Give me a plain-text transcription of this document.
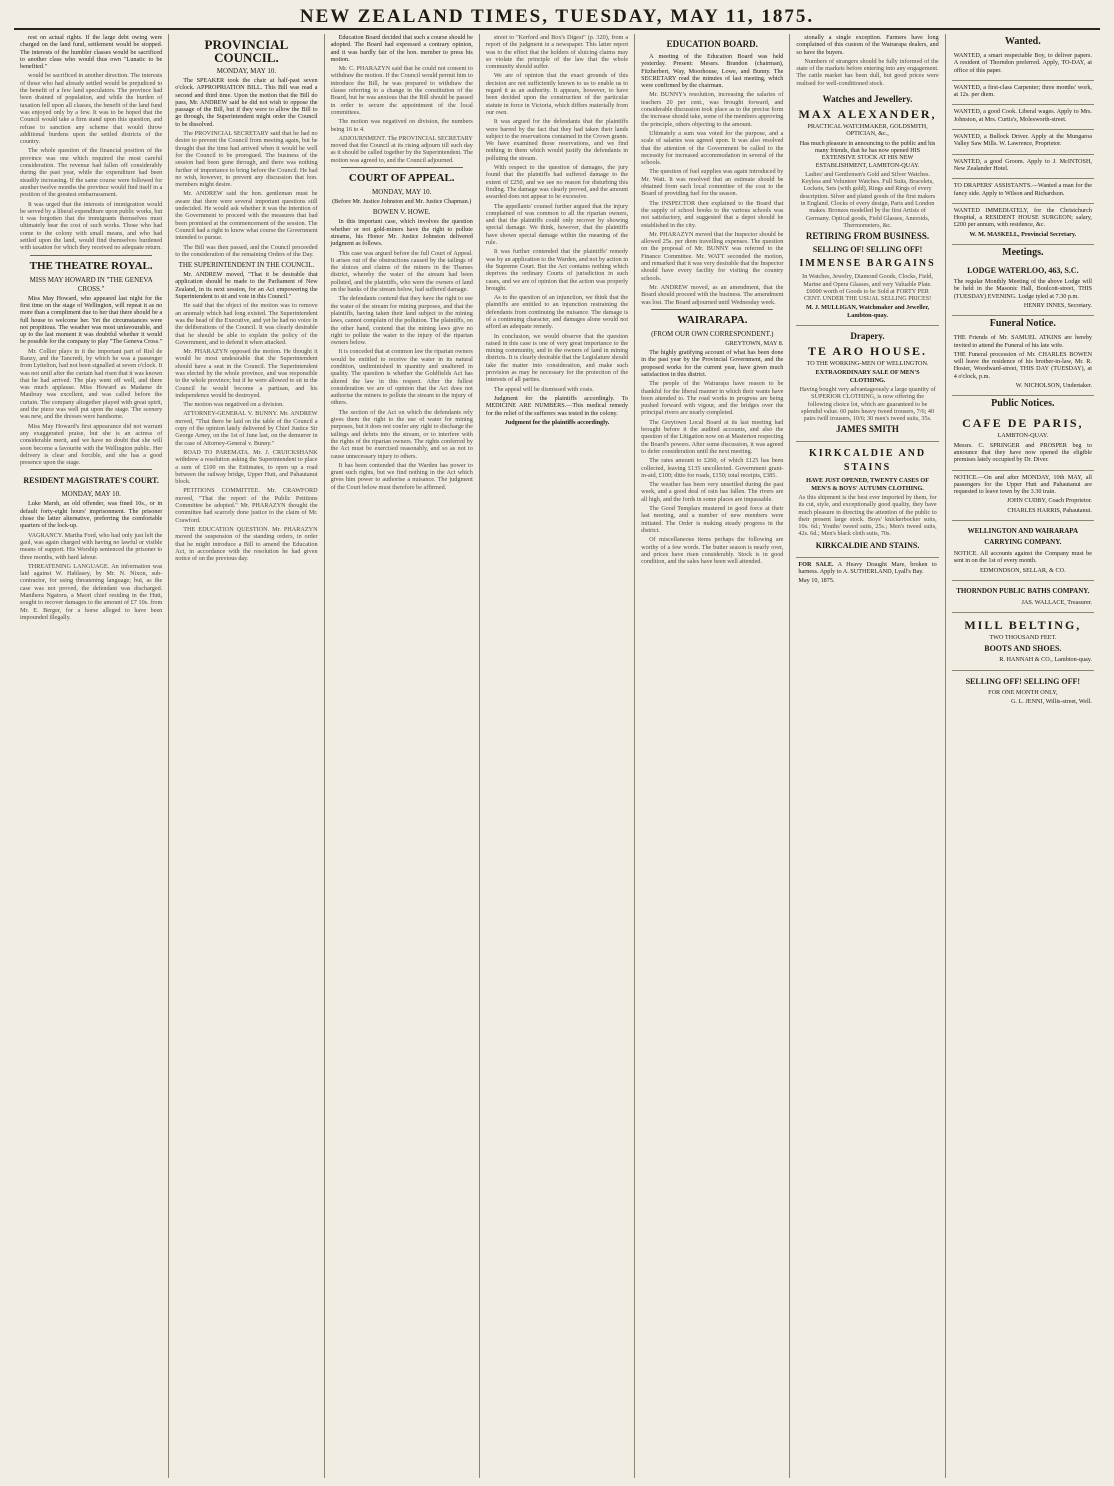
NEW ZEALAND TIMES, TUESDAY, MAY 11, 1875.

rest on actual rights. If the large debt owing were charged on the land fund, settlement would be stopped. The interests of the humbler classes would be sacrificed to another class who would thus own "Lunatic to be benefited."

would be sacrificed in another direction. The interests of those who had already settled would be prejudiced to the benefit of a few land speculators. The province had been drained of population, and while the burden of taxation fell upon all classes, the benefit of the land fund was enjoyed only by a few. It was to be hoped that the Council would take a firm stand upon this question, and refuse to sanction any scheme that would throw additional burdens upon the settled districts of the country.

The whole question of the financial position of the province was one which required the most careful consideration. The revenue had fallen off considerably during the past year, while the expenditure had been steadily increasing. If the same course were followed for another twelve months the province would find itself in a position of the greatest embarrassment.

It was urged that the interests of immigration would be served by a liberal expenditure upon public works, but it was forgotten that the immigrants themselves must ultimately bear the cost of such works. Those who had come to the colony with small means, and who had settled upon the land, would find themselves burdened with taxation for which they received no adequate return.

THE THEATRE ROYAL.
MISS MAY HOWARD IN "THE GENEVA CROSS."

Miss May Howard, who appeared last night for the first time on the stage of Wellington, will repeat it as no more than a compliment due to her that there should be a full house to welcome her. Yet the circumstances were not propitious. The weather was most unfavourable, and up to the last moment it was doubtful whether it would be possible for the company to play "The Geneva Cross."

Mr. Collier plays in it the important part of Riel de Ranzy, and the Tancredi, by which he was a passenger from Lyttelton, had not been signalled at seven o'clock. It was not until after the curtain had risen that it was known that he had arrived. The play went off well, and there was much applause. Miss Howard as Madame de Maubray was excellent, and was called before the curtain. The company altogether played with great spirit, and the piece was well put upon the stage. The scenery was new, and the dresses were handsome.

Miss May Howard's first appearance did not warrant any exaggerated praise, but she is an actress of considerable merit, and we have no doubt that she will soon become a favourite with the Wellington public. Her delivery is clear and forcible, and she has a good presence upon the stage.

RESIDENT MAGISTRATE'S COURT.
MONDAY, MAY 10.

Luke Marsh, an old offender, was fined 10s., or in default forty-eight hours' imprisonment. The prisoner chose the latter alternative, preferring the comfortable quarters of the lock-up.

VAGRANCY. Martha Ford, who had only just left the gaol, was again charged with having no lawful or visible means of support. His Worship sentenced the prisoner to three months, with hard labour.

THREATENING LANGUAGE. An information was laid against W. Hablasey, by Mr. N. Nixon, sub-contractor, for using threatening language; but, as the case was not proved, the defendant was discharged. Manihera Ngatoru, a Maori chief residing in the Hutt, sought to recover damages to the amount of £7 10s. from Mr. E. Berger, for a horse alleged to have been impounded illegally.

PROVINCIAL COUNCIL.
MONDAY, MAY 10.

The SPEAKER took the chair at half-past seven o'clock. APPROPRIATION BILL. This Bill was read a second and third time. Upon the motion that the Bill do pass, Mr. ANDREW said he did not wish to oppose the passage of the Bill, but if they were to allow the Bill to go through, the Superintendent might order the Council to be dissolved.

The PROVINCIAL SECRETARY said that he had no desire to prevent the Council from meeting again, but he thought that the time had arrived when it would be well for the Council to be prorogued. The business of the session had been gone through, and there was nothing further of importance to bring before the Council. He had no wish, however, to prevent any discussion that hon. members might desire.

Mr. ANDREW said the hon. gentleman must be aware that there were several important questions still undecided. He would ask whether it was the intention of the Government to proceed with the measures that had been promised at the commencement of the session. The Council had a right to know what course the Government intended to pursue.

The Bill was then passed, and the Council proceeded to the consideration of the remaining Orders of the Day.

THE SUPERINTENDENT IN THE COUNCIL.

Mr. ANDREW moved, "That it be desirable that application should be made to the Parliament of New Zealand, in its next session, for an Act empowering the Superintendent to sit and vote in this Council."

He said that the object of the motion was to remove an anomaly which had long existed. The Superintendent was the head of the Executive, and yet he had no voice in the deliberations of the Council. It was clearly desirable that he should be able to explain the policy of the Government, and to defend it when attacked.

Mr. PHARAZYN opposed the motion. He thought it would be most undesirable that the Superintendent should have a seat in the Council. The Superintendent was elected by the whole province, and was responsible to the whole province; but if he were allowed to sit in the Council he would become a partisan, and his independence would be destroyed.

The motion was negatived on a division.

ATTORNEY-GENERAL V. BUNNY. Mr. ANDREW moved, "That there be laid on the table of the Council a copy of the opinion lately delivered by Chief Justice Sir George Arney, on the 1st of June last, on the demurrer in the case of Attorney-General v. Bunny."

ROAD TO PAREMATA. Mr. J. CRUICKSHANK withdrew a resolution asking the Superintendent to place a sum of £100 on the Estimates, to open up a road between the railway bridge, Upper Hutt, and Pahautanui block.

PETITIONS COMMITTEE. Mr. CRAWFORD moved, "That the report of the Public Petitions Committee be adopted." Mr. PHARAZYN thought the committee had scarcely done justice to the claim of Mr. Crawford.

THE EDUCATION QUESTION. Mr. PHARAZYN moved the suspension of the standing orders, in order that he might introduce a Bill to amend the Education Act, in accordance with the resolution he had given notice of on the previous day.

Education Board decided that such a course should be adopted. The Board had expressed a contrary opinion, and it was hardly fair of the hon. member to press his motion.

Mr. C. PHARAZYN said that he could not consent to withdraw the motion. If the Council would permit him to introduce the Bill, he was prepared to withdraw the clause referring to a change in the constitution of the Board, but he was anxious that the Bill should be passed in order to secure the appointment of the local committees.

The motion was negatived on division, the numbers being 16 to 4.

ADJOURNMENT. The PROVINCIAL SECRETARY moved that the Council at its rising adjourn till such day as it should be called together by the Superintendent. The motion was agreed to, and the Council adjourned.

COURT OF APPEAL.
MONDAY, MAY 10.

(Before Mr. Justice Johnston and Mr. Justice Chapman.)

BOWEN V. HOWE.

In this important case, which involves the question whether or not gold-miners have the right to pollute streams, his Honor Mr. Justice Johnston delivered judgment as follows.

This case was argued before the full Court of Appeal. It arises out of the obstructions caused by the tailings of the sluices and claims of the miners in the Thames district, whereby the water of the stream had been polluted, and the plaintiffs, who were the owners of land on the banks of the stream below, had suffered damage.

The defendants contend that they have the right to use the water of the stream for mining purposes, and that the plaintiffs, having taken their land subject to the mining laws, cannot complain of the pollution. The plaintiffs, on the other hand, contend that the mining laws give no right to pollute the water to the injury of the riparian owners below.

It is conceded that at common law the riparian owners would be entitled to receive the water in its natural condition, undiminished in quantity and unaltered in quality. The question is whether the Goldfields Act has altered the law in this respect. After the fullest consideration we are of opinion that the Act does not authorise the miners to pollute the stream to the injury of others.

The section of the Act on which the defendants rely gives them the right to the use of water for mining purposes, but it does not confer any right to discharge the tailings and debris into the stream, or to interfere with the rights of the riparian owners. The rights conferred by the Act must be exercised reasonably, and so as not to cause unnecessary injury to others.

It has been contended that the Warden has power to grant such rights, but we find nothing in the Act which gives him power to authorise a nuisance. The judgment of the Court below must therefore be affirmed.

street to "Kerford and Box's Digest" (p. 320), from a report of the judgment in a newspaper. This latter report was to the effect that the holders of sluicing claims may so violate the principle of the law that the whole community should suffer.

We are of opinion that the exact grounds of this decision are not sufficiently known to us to enable us to regard it as an authority. It appears, however, to have been decided upon the construction of the particular statute in force in Victoria, which differs materially from our own.

It was argued for the defendants that the plaintiffs were barred by the fact that they had taken their lands subject to the reservations contained in the Crown grants. We have examined those reservations, and we find nothing in them which would justify the defendants in polluting the stream.

With respect to the question of damages, the jury found that the plaintiffs had suffered damage to the extent of £250, and we see no reason for disturbing this finding. The damage was clearly proved, and the amount awarded does not appear to be excessive.

The appellants' counsel further argued that the injury complained of was common to all the riparian owners, and that the plaintiffs could only recover by showing special damage. We think, however, that the plaintiffs have shown special damage within the meaning of the rule.

It was further contended that the plaintiffs' remedy was by an application to the Warden, and not by action in the Supreme Court. But the Act contains nothing which deprives the ordinary Courts of jurisdiction in such cases, and we are of opinion that the action was properly brought.

As to the question of an injunction, we think that the plaintiffs are entitled to an injunction restraining the defendants from continuing the nuisance. The damage is of a continuing character, and damages alone would not afford an adequate remedy.

In conclusion, we would observe that the question raised in this case is one of very great importance to the mining community, and to the owners of land in mining districts. It is clearly desirable that the Legislature should take the matter into consideration, and make such provision as may be necessary for the protection of the interests of all parties.

The appeal will be dismissed with costs.

Judgment for the plaintiffs accordingly. To MEDICINE ARE NUMBERS.—This medical remedy for the relief of the sufferers was tested in the colony.

Judgment for the plaintiffs accordingly.

EDUCATION BOARD.

A meeting of the Education Board was held yesterday. Present: Messrs. Brandon (chairman), Fitzherbert, Way, Moorhouse, Lowe, and Bunny. The SECRETARY read the minutes of last meeting, which were confirmed by the chairman.

Mr. BUNNY's resolution, increasing the salaries of teachers 20 per cent., was brought forward, and considerable discussion took place as to the precise form the increase should take, some of the members approving the principle, others objecting to the amount.

Ultimately a sum was voted for the purpose, and a scale of salaries was agreed upon. It was also resolved that the attention of the Government be called to the necessity for increased accommodation in several of the schools.

The question of fuel supplies was again introduced by Mr. Watt. It was resolved that an estimate should be obtained from each local committee of the cost to the Board of providing fuel for the season.

The INSPECTOR then explained to the Board that the supply of school books to the various schools was not satisfactory, and suggested that a depot should be established in the city.

Mr. PHARAZYN moved that the Inspector should be allowed 25s. per diem travelling expenses. The question on the proposal of Mr. BUNNY was referred to the Finance Committee. Mr. WATT seconded the motion, and remarked that it was very desirable that the Inspector should have every facility for visiting the country schools.

Mr. ANDREW moved, as an amendment, that the Board should proceed with the business. The amendment was lost. The Board adjourned until Wednesday week.

WAIRARAPA.
(FROM OUR OWN CORRESPONDENT.)

GREYTOWN, MAY 8.

The highly gratifying account of what has been done in the past year by the Provincial Government, and the proposed works for the current year, have given much satisfaction in this district.

The people of the Wairarapa have reason to be thankful for the liberal manner in which their wants have been attended to. The road works in progress are being pushed forward with vigour, and the bridges over the principal rivers are nearly completed.

The Greytown Local Board at its last meeting had brought before it the audited accounts, and also the question of the Litigation now on at Masterton respecting the Board's powers. After some discussion, it was agreed to defer consideration until the next meeting.

The rates amount to £260, of which £125 has been collected, leaving £135 uncollected. Government grant-in-aid, £100; ditto for roads, £150; total receipts, £385.

The weather has been very unsettled during the past week, and a good deal of rain has fallen. The rivers are all high, and the fords in some places are impassable.

The Good Templars mustered in good force at their last meeting, and a number of new members were initiated. The Order is making steady progress in the district.

Of miscellaneous items perhaps the following are worthy of a few words. The butter season is nearly over, and prices have risen considerably. Stock is in good condition, and the sales have been well attended.

sionally a single exception. Farmers have long complained of this custom of the Wairarapa dealers, and so have the buyers.

Numbers of strangers should be fully informed of the state of the markets before entering into any engagement. The cattle market has been dull, but good prices were realised for well-conditioned stock.

Watches and Jewellery.
MAX ALEXANDER,

PRACTICAL WATCHMAKER, GOLDSMITH, OPTICIAN, &c.,

Has much pleasure in announcing to the public and his many friends, that he has now opened HIS EXTENSIVE STOCK AT HIS NEW ESTABLISHMENT, LAMBTON-QUAY.

Ladies' and Gentlemen's Gold and Silver Watches. Keyless and Volunteer Watches. Full Suits, Bracelets, Lockets, Sets (with gold), Rings and Rings of every description. Silver and plated goods of the first makers in England. Clocks of every design, Paris and London makes. Bronzes modelled by the first Artists of Germany. Optical goods, Field Glasses, Aneroids, Thermometers, &c.

RETIRING FROM BUSINESS.
SELLING OF! SELLING OFF!
IMMENSE BARGAINS

In Watches, Jewelry, Diamond Goods, Clocks, Field, Marine and Opera Glasses, and very Valuable Plate. £6000 worth of Goods to be Sold at FORTY PER CENT. UNDER THE USUAL SELLING PRICES!

M. J. MULLIGAN, Watchmaker and Jeweller, Lambton-quay.

Drapery.
TE ARO HOUSE.

TO THE WORKING-MEN OF WELLINGTON.

EXTRAORDINARY SALE OF MEN'S CLOTHING.

Having bought very advantageously a large quantity of SUPERIOR CLOTHING, is now offering the following choice lot, which are guaranteed to be splendid value. 60 pairs heavy tweed trousers, 7/6; 40 pairs twill trousers, 10/6; 30 men's tweed suits, 35s.

JAMES SMITH
KIRKCALDIE AND STAINS

HAVE JUST OPENED, TWENTY CASES OF MEN'S & BOYS' AUTUMN CLOTHING.

As this shipment is the best ever imported by them, for its cut, style, and exceptionally good quality, they have much pleasure in directing the attention of the public to their present large stock. Boys' knickerbocker suits, 10s. 6d.; Youths' tweed suits, 25s.; Men's tweed suits, 42s. 6d.; Men's black cloth suits, 70s.

KIRKCALDIE AND STAINS.

FOR SALE. A Heavy Draught Mare, broken to harness. Apply to A. SUTHERLAND, Lyall's Bay.

May 10, 1875.

Wanted.

WANTED, a smart respectable Boy, to deliver papers. A resident of Thorndon preferred. Apply, TO-DAY, at office of this paper.

WANTED, a first-class Carpenter; three months' work, at 12s. per diem.

WANTED, a good Cook. Liberal wages. Apply to Mrs. Johnston, at Mrs. Curtis's, Molesworth-street.

WANTED, a Bullock Driver. Apply at the Mungaroa Valley Saw Mills. W. Lawrence, Proprietor.

WANTED, a good Groom. Apply to J. McINTOSH, New Zealander Hotel.

TO DRAPERS' ASSISTANTS.—Wanted a man for the fancy side. Apply to Wilson and Richardson.

WANTED IMMEDIATELY, for the Christchurch Hospital, a RESIDENT HOUSE SURGEON; salary, £200 per annum, with residence, &c.

W. M. MASKELL, Provincial Secretary.

Meetings.
LODGE WATERLOO, 463, S.C.

The regular Monthly Meeting of the above Lodge will be held in the Masonic Hall, Boulcott-street, THIS (TUESDAY) EVENING. Lodge tyled at 7.30 p.m.

HENRY INNES, Secretary.

Funeral Notice.

THE Friends of Mr. SAMUEL ATKINS are hereby invited to attend the Funeral of his late wife.

THE Funeral procession of Mr. CHARLES BOWEN will leave the residence of his brother-in-law, Mr. R. Hosier, Woodward-street, THIS DAY (TUESDAY), at 4 o'clock, p.m.

W. NICHOLSON, Undertaker.

Public Notices.
CAFE DE PARIS,

LAMBTON-QUAY.

Messrs. C. SPRINGER and PROSPER beg to announce that they have now opened the eligible premises lately occupied by Dr. Diver.

NOTICE.—On and after MONDAY, 10th MAY, all passengers for the Upper Hutt and Pahautanui are requested to leave town by the 3.30 train.

JOHN CUDBY, Coach Proprietor.

CHARLES HARRIS, Pahautanui.

WELLINGTON AND WAIRARAPA CARRYING COMPANY.

NOTICE. All accounts against the Company must be sent in on the 1st of every month.

EDMONDSON, SELLAR, & CO.

THORNDON PUBLIC BATHS COMPANY.

JAS. WALLACE, Treasurer.

MILL BELTING,

TWO THOUSAND FEET.

BOOTS AND SHOES.

R. HANNAH & CO., Lambton-quay.

SELLING OFF! SELLING OFF!

FOR ONE MONTH ONLY,

G. L. JENNI, Willis-street, Well.
